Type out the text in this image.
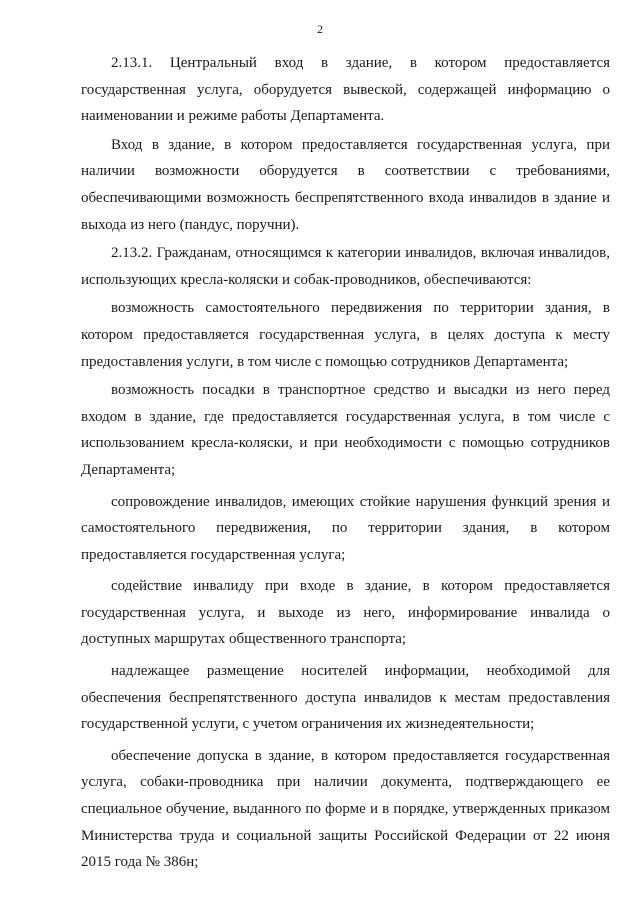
2

2.13.1. Центральный вход в здание, в котором предоставляется государственная услуга, оборудуется вывеской, содержащей информацию о наименовании и режиме работы Департамента.

Вход в здание, в котором предоставляется государственная услуга, при наличии возможности оборудуется в соответствии с требованиями, обеспечивающими возможность беспрепятственного входа инвалидов в здание и выхода из него (пандус, поручни).

2.13.2. Гражданам, относящимся к категории инвалидов, включая инвалидов, использующих кресла-коляски и собак-проводников, обеспечиваются:

возможность самостоятельного передвижения по территории здания, в котором предоставляется государственная услуга, в целях доступа к месту предоставления услуги, в том числе с помощью сотрудников Департамента;

возможность посадки в транспортное средство и высадки из него перед входом в здание, где предоставляется государственная услуга, в том числе с использованием кресла-коляски, и при необходимости с помощью сотрудников Департамента;

сопровождение инвалидов, имеющих стойкие нарушения функций зрения и самостоятельного передвижения, по территории здания, в котором предоставляется государственная услуга;

содействие инвалиду при входе в здание, в котором предоставляется государственная услуга, и выходе из него, информирование инвалида о доступных маршрутах общественного транспорта;

надлежащее размещение носителей информации, необходимой для обеспечения беспрепятственного доступа инвалидов к местам предоставления государственной услуги, с учетом ограничения их жизнедеятельности;

обеспечение допуска в здание, в котором предоставляется государственная услуга, собаки-проводника при наличии документа, подтверждающего ее специальное обучение, выданного по форме и в порядке, утвержденных приказом Министерства труда и социальной защиты Российской Федерации от 22 июня 2015 года № 386н;
